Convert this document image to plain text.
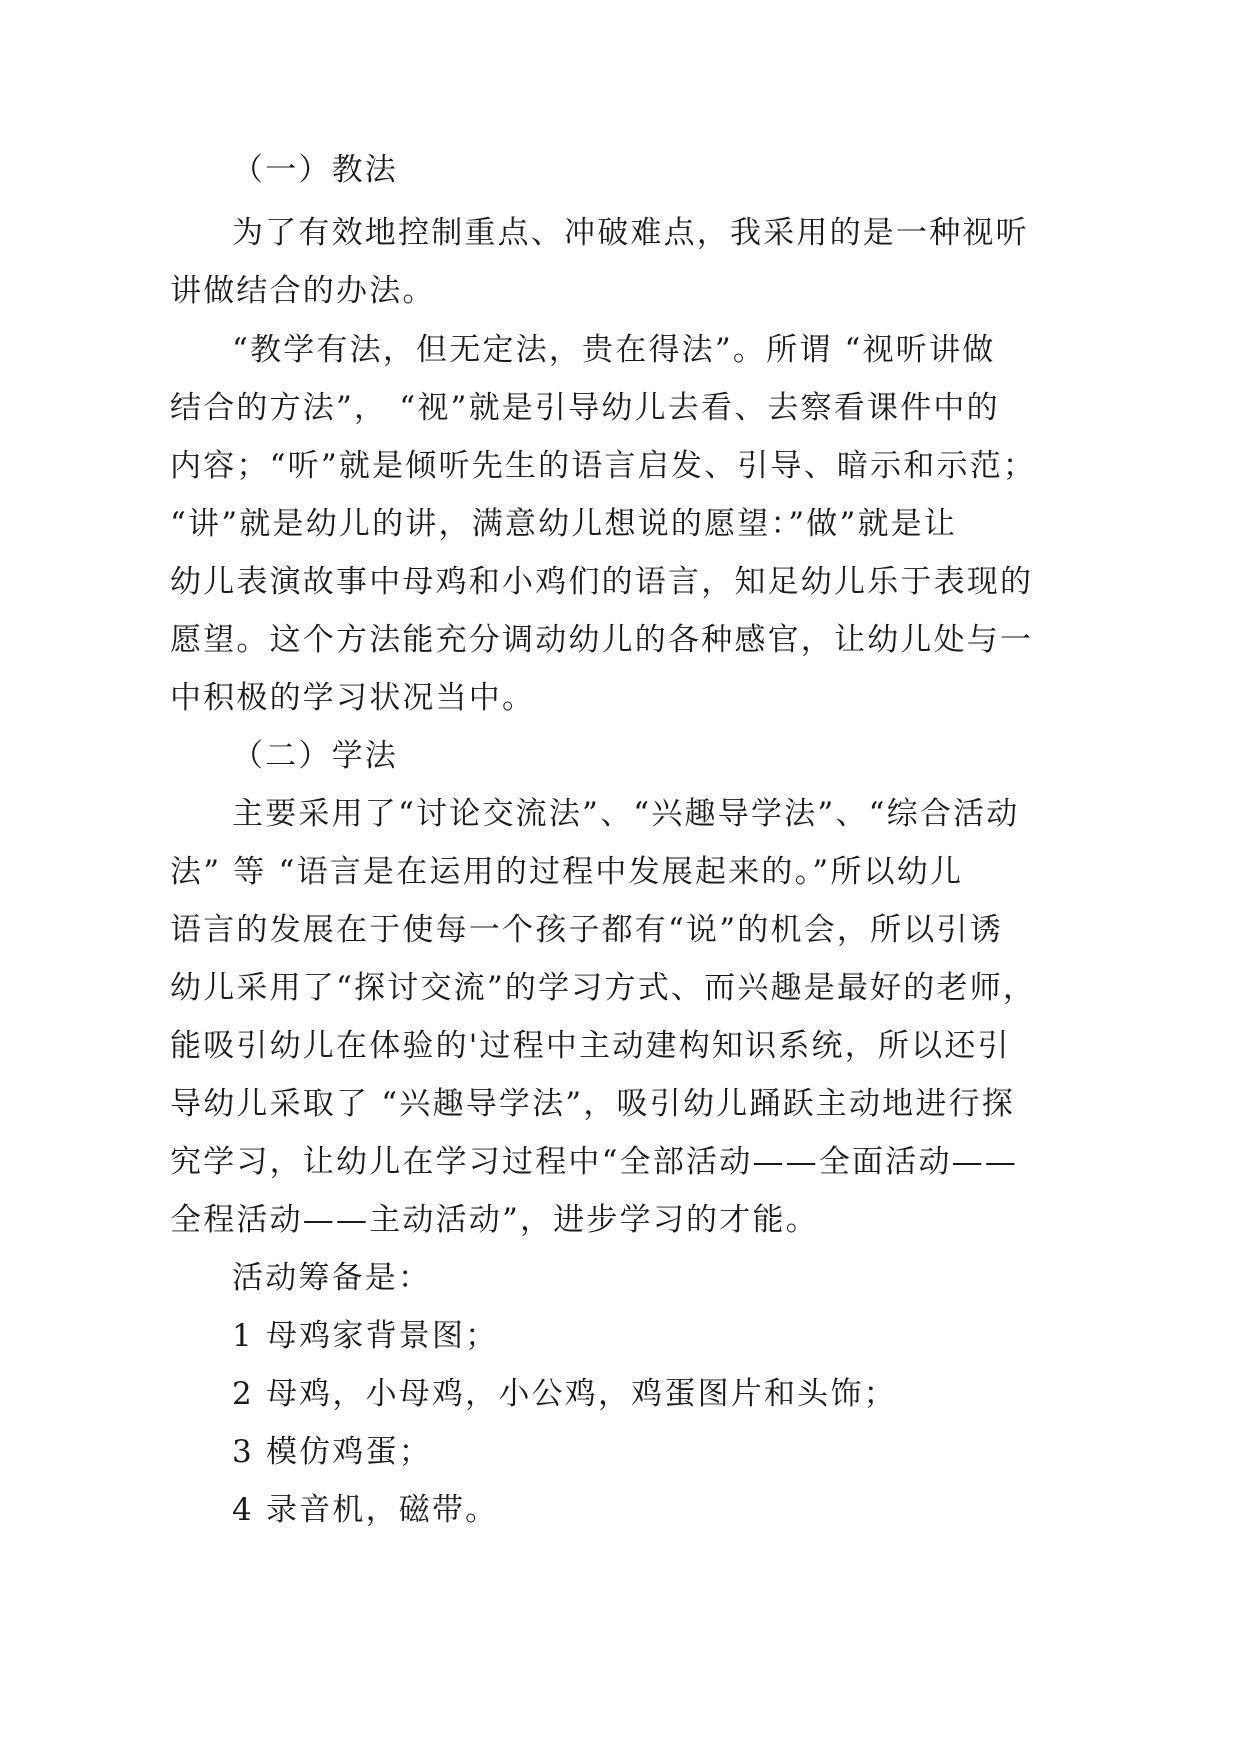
（一）教法
为了有效地控制重点、冲破难点，我采用的是一种视听
讲做结合的办法。
“教学有法，但无定法，贵在得法”。所谓 “视听讲做
结合的方法”， “视”就是引导幼儿去看、去察看课件中的
内容；“听”就是倾听先生的语言启发、引导、暗示和示范；
“讲”就是幼儿的讲，满意幼儿想说的愿望：”做”就是让
幼儿表演故事中母鸡和小鸡们的语言，知足幼儿乐于表现的
愿望。这个方法能充分调动幼儿的各种感官，让幼儿处与一
中积极的学习状况当中。
（二）学法
主要采用了“讨论交流法”、“兴趣导学法”、“综合活动
法” 等 “语言是在运用的过程中发展起来的。”所以幼儿
语言的发展在于使每一个孩子都有“说”的机会，所以引诱
幼儿采用了“探讨交流”的学习方式、而兴趣是最好的老师，
能吸引幼儿在体验的'过程中主动建构知识系统，所以还引
导幼儿采取了 “兴趣导学法”，吸引幼儿踊跃主动地进行探
究学习，让幼儿在学习过程中“全部活动——全面活动——
全程活动——主动活动”，进步学习的才能。
活动筹备是：
1 母鸡家背景图；
2 母鸡，小母鸡，小公鸡，鸡蛋图片和头饰；
3 模仿鸡蛋；
4 录音机，磁带。
